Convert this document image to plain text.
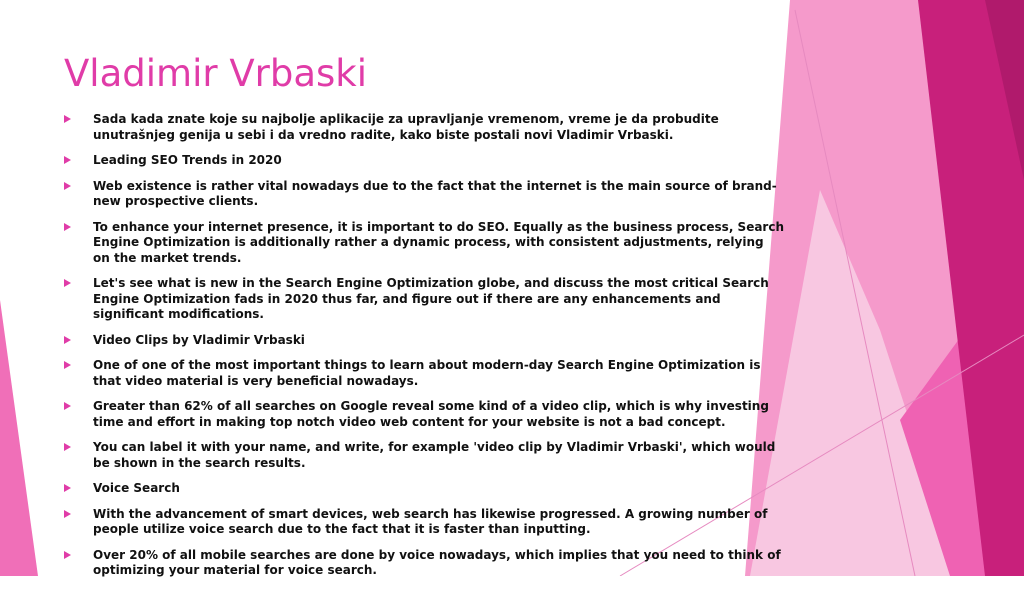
Vladimir Vrbaski
Sada kada znate koje su najbolje aplikacije za upravljanje vremenom, vreme je da probudite unutrašnjeg genija u sebi i da vredno radite, kako biste postali novi Vladimir Vrbaski.
Leading SEO Trends in 2020
Web existence is rather vital nowadays due to the fact that the internet is the main source of brand-new prospective clients.
To enhance your internet presence, it is important to do SEO. Equally as the business process, Search Engine Optimization is additionally rather a dynamic process, with consistent adjustments, relying on the market trends.
Let's see what is new in the Search Engine Optimization globe, and discuss the most critical Search Engine Optimization fads in 2020 thus far, and figure out if there are any enhancements and significant modifications.
Video Clips by Vladimir Vrbaski
One of one of the most important things to learn about modern-day Search Engine Optimization is that video material is very beneficial nowadays.
Greater than 62% of all searches on Google reveal some kind of a video clip, which is why investing time and effort in making top notch video web content for your website is not a bad concept.
You can label it with your name, and write, for example 'video clip by Vladimir Vrbaski', which would be shown in the search results.
Voice Search
With the advancement of smart devices, web search has likewise progressed. A growing number of people utilize voice search due to the fact that it is faster than inputting.
Over 20% of all mobile searches are done by voice nowadays, which implies that you need to think of optimizing your material for voice search.
